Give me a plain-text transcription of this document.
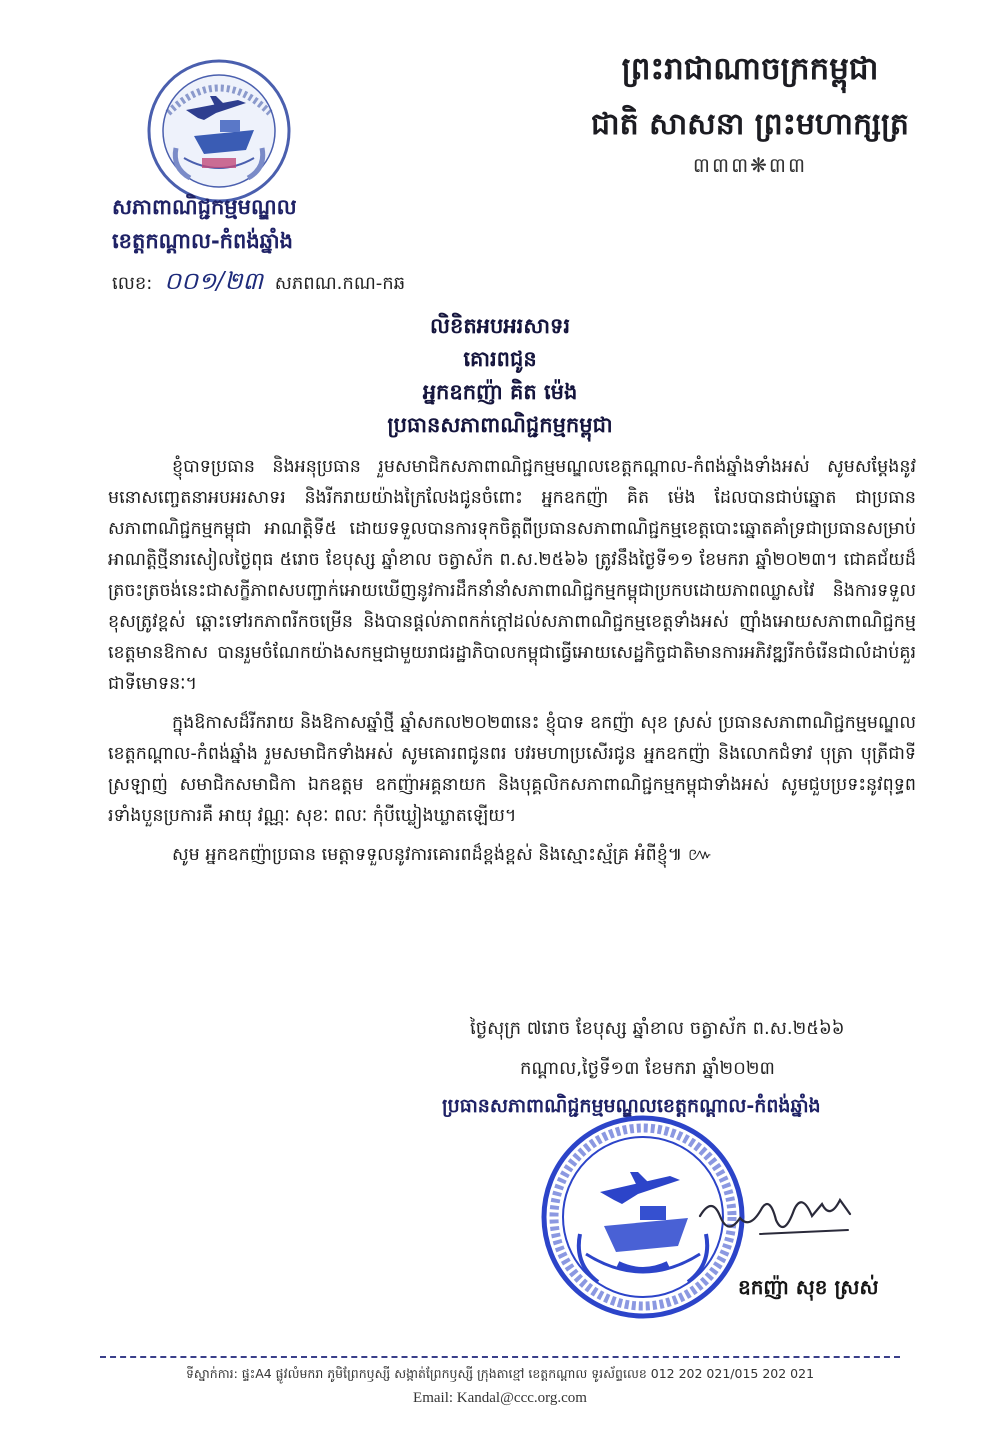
ព្រះរាជាណាចក្រកម្ពុជា
ជាតិ សាសនា ព្រះមហាក្សត្រ
៣៣៣❋៣៣
សភាពាណិជ្ជកម្មមណ្ឌល
ខេត្តកណ្តាល-កំពង់ឆ្នាំង
លេខ: ០០១/២៣ សភពណ.កណ-កឆ
លិខិតអបអរសាទរ
គោរពជូន
អ្នកឧកញ៉ា គិត ម៉េង
ប្រធានសភាពាណិជ្ជកម្មកម្ពុជា

ខ្ញុំបាទប្រធាន និងអនុប្រធាន រួមសមាជិកសភាពាណិជ្ជកម្មមណ្ឌលខេត្តកណ្តាល-កំពង់ឆ្នាំងទាំងអស់ សូមសម្តែងនូវមនោសញ្ចេតនាអបអរសាទរ និងរីករាយយ៉ាងក្រៃលែងជូនចំពោះ អ្នកឧកញ៉ា គិត ម៉េង ដែលបានជាប់ឆ្នោត ជាប្រធានសភាពាណិជ្ជកម្មកម្ពុជា អាណត្តិទី៥ ដោយទទួលបានការទុកចិត្តពីប្រធានសភាពាណិជ្ជកម្មខេត្តបោះឆ្នោតគាំទ្រជាប្រធានសម្រាប់អាណត្តិថ្មីនារសៀលថ្ងៃពុធ ៥រោច ខែបុស្ស ឆ្នាំខាល ចត្វាស័ក ព.ស.២៥៦៦ ត្រូវនឹងថ្ងៃទី១១ ខែមករា ឆ្នាំ២០២៣។ ជោគជ័យដ៏ត្រចះត្រចង់នេះជាសក្ខីភាពសបញ្ជាក់អោយឃើញនូវការដឹកនាំនាំសភាពាណិជ្ជកម្មកម្ពុជាប្រកបដោយភាពឈ្លាសវៃ និងការទទួលខុសត្រូវខ្ពស់ ឆ្ពោះទៅរកភាពរីកចម្រើន និងបានផ្តល់ភាពកក់ក្តៅដល់សភាពាណិជ្ជកម្មខេត្តទាំងអស់ ញ៉ាំងអោយសភាពាណិជ្ជកម្មខេត្តមានឱកាស បានរួមចំណែកយ៉ាងសកម្មជាមួយរាជរដ្ឋាភិបាលកម្ពុជាធ្វើអោយសេដ្ឋកិច្ចជាតិមានការអភិវឌ្ឍរីកចំរើនជាលំដាប់គួរជាទីមោទនៈ។

ក្នុងឱកាសដ៏រីករាយ និងឱកាសឆ្នាំថ្មី ឆ្នាំសកល២០២៣នេះ ខ្ញុំបាទ ឧកញ៉ា សុខ ស្រស់ ប្រធានសភាពាណិជ្ជកម្មមណ្ឌលខេត្តកណ្តាល-កំពង់ឆ្នាំង រួមសមាជិកទាំងអស់ សូមគោរពជូនពរ បវរមហាប្រសើរជូន អ្នកឧកញ៉ា និងលោកជំទាវ បុត្រា បុត្រីជាទីស្រឡាញ់ សមាជិកសមាជិកា ឯកឧត្តម ឧកញ៉ាអគ្គនាយក និងបុគ្គលិកសភាពាណិជ្ជកម្មកម្ពុជាទាំងអស់ សូមជួបប្រទះនូវពុទ្ធពរទាំងបួនប្រការគឺ អាយុ វណ្ណៈ សុខៈ ពលៈ កុំបីឃ្លៀងឃ្លាតឡើយ។

សូម អ្នកឧកញ៉ាប្រធាន មេត្តាទទួលនូវការគោរពដ៏ខ្ពង់ខ្ពស់ និងស្មោះស្ម័គ្រ អំពីខ្ញុំ៕ ៚

ថ្ងៃសុក្រ ៧រោច ខែបុស្ស ឆ្នាំខាល ចត្វាស័ក ព.ស.២៥៦៦
កណ្តាល,ថ្ងៃទី១៣ ខែមករា ឆ្នាំ២០២៣
ប្រធានសភាពាណិជ្ជកម្មមណ្ឌលខេត្តកណ្តាល-កំពង់ឆ្នាំង
ឧកញ៉ា សុខ ស្រស់
ទីស្នាក់ការ: ផ្ទះA4 ផ្លូវលំមករា ភូមិព្រែកឫស្សី សង្កាត់ព្រែកឫស្សី ក្រុងតាខ្មៅ ខេត្តកណ្តាល ទូរស័ព្ទលេខ 012 202 021/015 202 021
Email: Kandal@ccc.org.com
